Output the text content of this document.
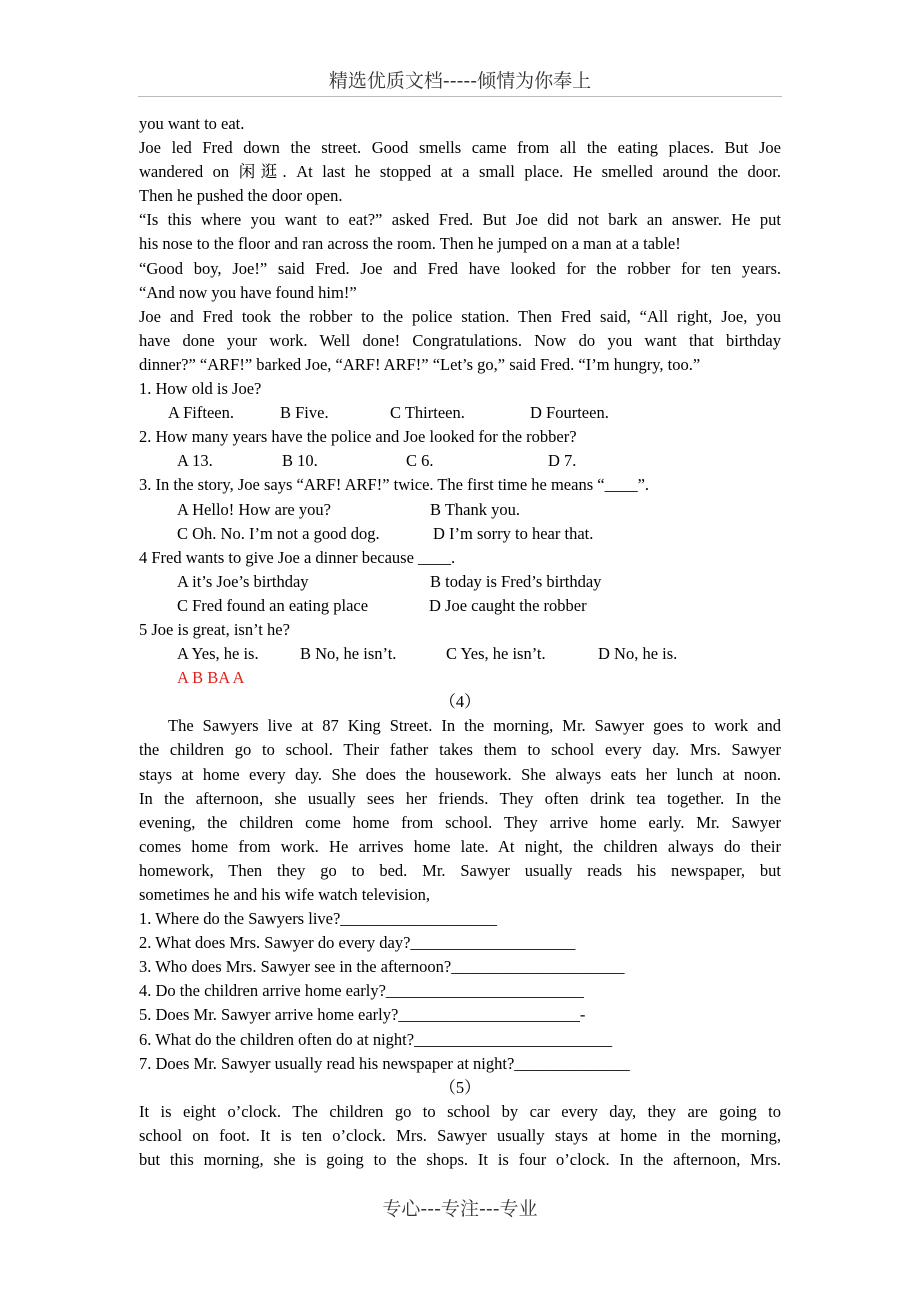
精选优质文档-----倾情为你奉上
you want to eat.
Joe led Fred down the street. Good smells came from all the eating places. But Joe
wandered on 闲逛. At last he stopped at a small place. He smelled around the door.
Then he pushed the door open.
“Is this where you want to eat?” asked Fred. But Joe did not bark an answer. He put
his nose to the floor and ran across the room. Then he jumped on a man at a table!
“Good boy, Joe!” said Fred. Joe and Fred have looked for the robber for ten years.
“And now you have found him!”
Joe and Fred took the robber to the police station. Then Fred said, “All right, Joe, you
have done your work. Well done! Congratulations. Now do you want that birthday
dinner?” “ARF!” barked Joe, “ARF! ARF!” “Let’s go,” said Fred. “I’m hungry, too.”
1. How old is Joe?
A Fifteen.	B Five.	C Thirteen.	D Fourteen.
2. How many years have the police and Joe looked for the robber?
A 13.	B 10.	C 6.	D 7.
3. In the story, Joe says “ARF! ARF!” twice. The first time he means “____”.
A Hello! How are you?	B Thank you.
C Oh. No. I’m not a good dog.	D I’m sorry to hear that.
4 Fred wants to give Joe a dinner because ____.
A it’s Joe’s birthday	B today is Fred’s birthday
C Fred found an eating place	D Joe caught the robber
5 Joe is great, isn’t he?
A Yes, he is.	B No, he isn’t.	C Yes, he isn’t.	D No, he is.
A B BA A
（4）
The Sawyers live at 87 King Street. In the morning, Mr. Sawyer goes to work and
the children go to school. Their father takes them to school every day. Mrs. Sawyer
stays at home every day. She does the housework. She always eats her lunch at noon.
In the afternoon, she usually sees her friends. They often drink tea together. In the
evening, the children come home from school. They arrive home early. Mr. Sawyer
comes home from work. He arrives home late. At night, the children always do their
homework, Then they go to bed. Mr. Sawyer usually reads his newspaper, but
sometimes he and his wife watch television,
1. Where do the Sawyers live?___________________
2. What does Mrs. Sawyer do every day?____________________
3. Who does Mrs. Sawyer see in the afternoon?_____________________
4. Do the children arrive home early?________________________
5. Does Mr. Sawyer arrive home early?______________________-
6. What do the children often do at night?________________________
7. Does Mr. Sawyer usually read his newspaper at night?______________
（5）
It is eight o’clock. The children go to school by car every day, they are going to
school on foot. It is ten o’clock. Mrs. Sawyer usually stays at home in the morning,
but this morning, she is going to the shops. It is four o’clock. In the afternoon, Mrs.
专心---专注---专业
